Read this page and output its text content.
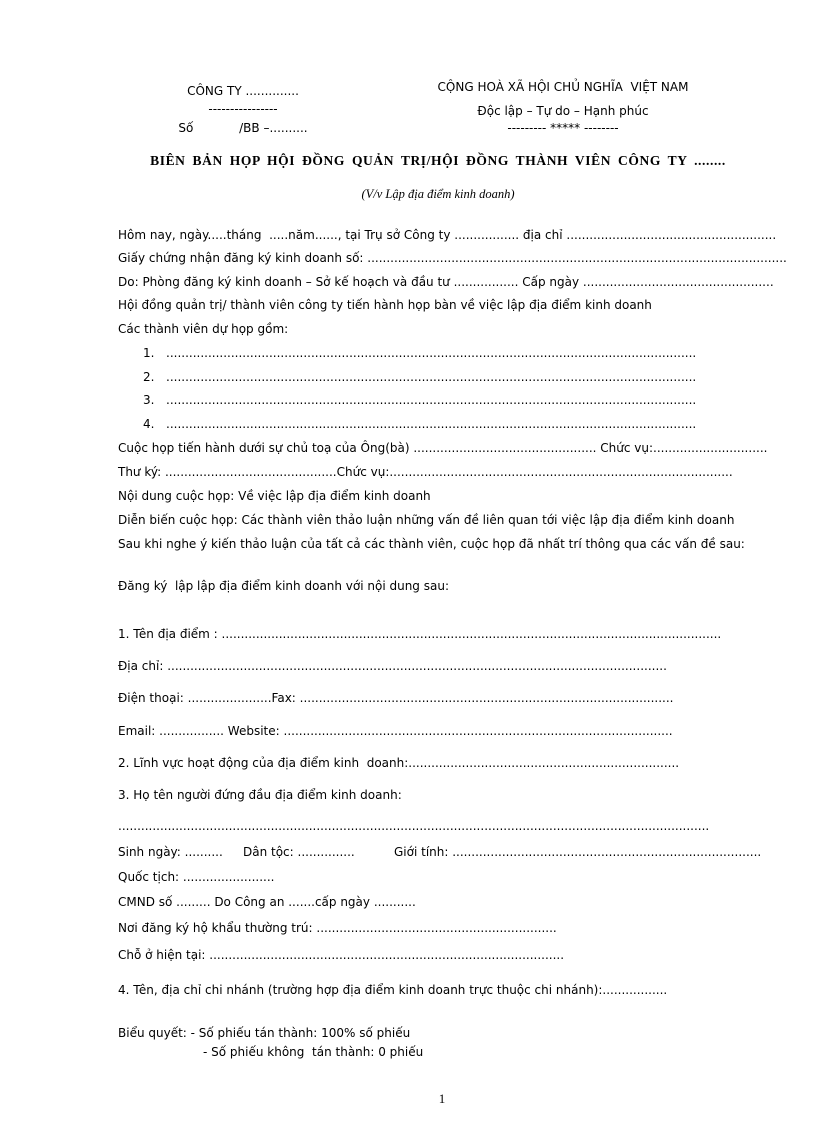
CÔNG TY ..............
----------------
Số            /BB –..........
CỘNG HOÀ XÃ HỘI CHỦ NGHĨA  VIỆT NAM
Độc lập – Tự do – Hạnh phúc
--------- ***** --------
BIÊN BẢN HỌP HỘI ĐỒNG QUẢN TRỊ/HỘI ĐỒNG THÀNH VIÊN CÔNG TY ........
(V/v Lập địa điểm kinh doanh)
Hôm nay, ngày.....tháng  .....năm......, tại Trụ sở Công ty ................. địa chỉ .......................................................
Giấy chứng nhận đăng ký kinh doanh số: ..............................................................................................................
Do: Phòng đăng ký kinh doanh – Sở kế hoạch và đầu tư ................. Cấp ngày ..................................................
Hội đồng quản trị/ thành viên công ty tiến hành họp bàn về việc lập địa điểm kinh doanh
Các thành viên dự họp gồm:
1. ...........................................................................................................................................
2. ...........................................................................................................................................
3. ...........................................................................................................................................
4. ...........................................................................................................................................
Cuộc họp tiến hành dưới sự chủ toạ của Ông(bà) ................................................ Chức vụ:..............................
Thư ký: .............................................Chức vụ:..........................................................................................
Nội dung cuộc họp: Về việc lập địa điểm kinh doanh
Diễn biến cuộc họp: Các thành viên thảo luận những vấn đề liên quan tới việc lập địa điểm kinh doanh
Sau khi nghe ý kiến thảo luận của tất cả các thành viên, cuộc họp đã nhất trí thông qua các vấn đề sau:
Đăng ký  lập lập địa điểm kinh doanh với nội dung sau:
1. Tên địa điểm : ...................................................................................................................................
Địa chỉ: ...................................................................................................................................
Điện thoại: ......................Fax: ..................................................................................................
Email: ................. Website: ......................................................................................................
2. Lĩnh vực hoạt động của địa điểm kinh  doanh:.......................................................................
3. Họ tên người đứng đầu địa điểm kinh doanh:
...........................................................................................................................................................
Sinh ngày: .......... Dân tộc: ...............	Giới tính: .................................................................................
Quốc tịch: ........................
CMND số ......... Do Công an .......cấp ngày ...........
Nơi đăng ký hộ khẩu thường trú: ...............................................................
Chỗ ở hiện tại: .............................................................................................
4. Tên, địa chỉ chi nhánh (trường hợp địa điểm kinh doanh trực thuộc chi nhánh):.................
Biểu quyết: - Số phiếu tán thành: 100% số phiếu
- Số phiếu không  tán thành: 0 phiếu
1
